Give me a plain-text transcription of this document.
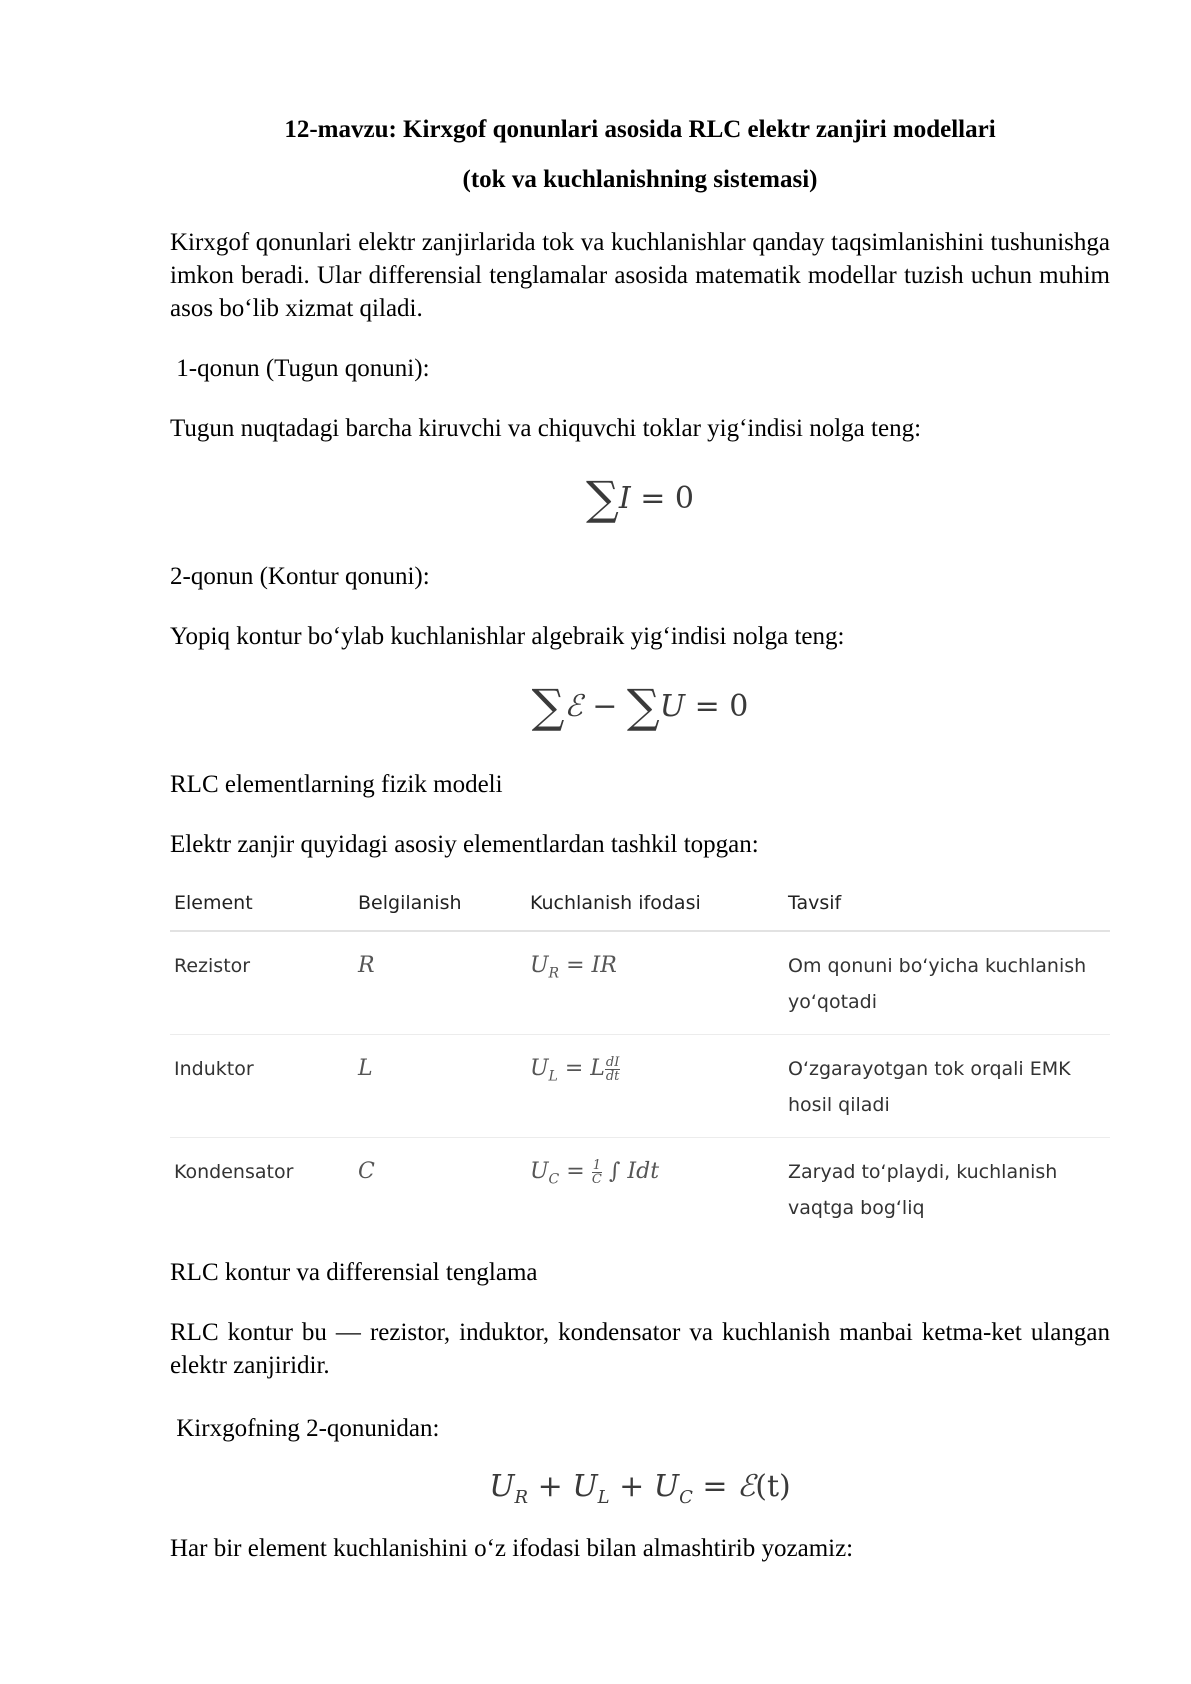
12-mavzu: Kirxgof qonunlari asosida RLC elektr zanjiri modellari
(tok va kuchlanishning sistemasi)
Kirxgof qonunlari elektr zanjirlarida tok va kuchlanishlar qanday taqsimlanishini tushunishga imkon beradi. Ular differensial tenglamalar asosida matematik modellar tuzish uchun muhim asos bo‘lib xizmat qiladi.
1-qonun (Tugun qonuni):
Tugun nuqtadagi barcha kiruvchi va chiquvchi toklar yig‘indisi nolga teng:
∑I = 0
2-qonun (Kontur qonuni):
Yopiq kontur bo‘ylab kuchlanishlar algebraik yig‘indisi nolga teng:
∑ℰ − ∑U = 0
RLC elementlarning fizik modeli
Elektr zanjir quyidagi asosiy elementlardan tashkil topgan:
Element	Belgilanish	Kuchlanish ifodasi	Tavsif
Rezistor	R	$U_R$ = IR	Om qonuni bo‘yicha kuchlanish yo‘qotadi
Induktor	L	$U_L = L \frac{dI}{dt}$	O‘zgarayotgan tok orqali EMK hosil qiladi
Kondensator	C	$U_C = \frac{1}{C}$ ∫ Idt	Zaryad to‘playdi, kuchlanish vaqtga bog‘liq
RLC kontur va differensial tenglama
RLC kontur bu — rezistor, induktor, kondensator va kuchlanish manbai ketma-ket ulangan elektr zanjiridir.
Kirxgofning 2-qonunidan:
$U_R + U_L + U_C$ = ℰ(t)
Har bir element kuchlanishini o‘z ifodasi bilan almashtirib yozamiz:
